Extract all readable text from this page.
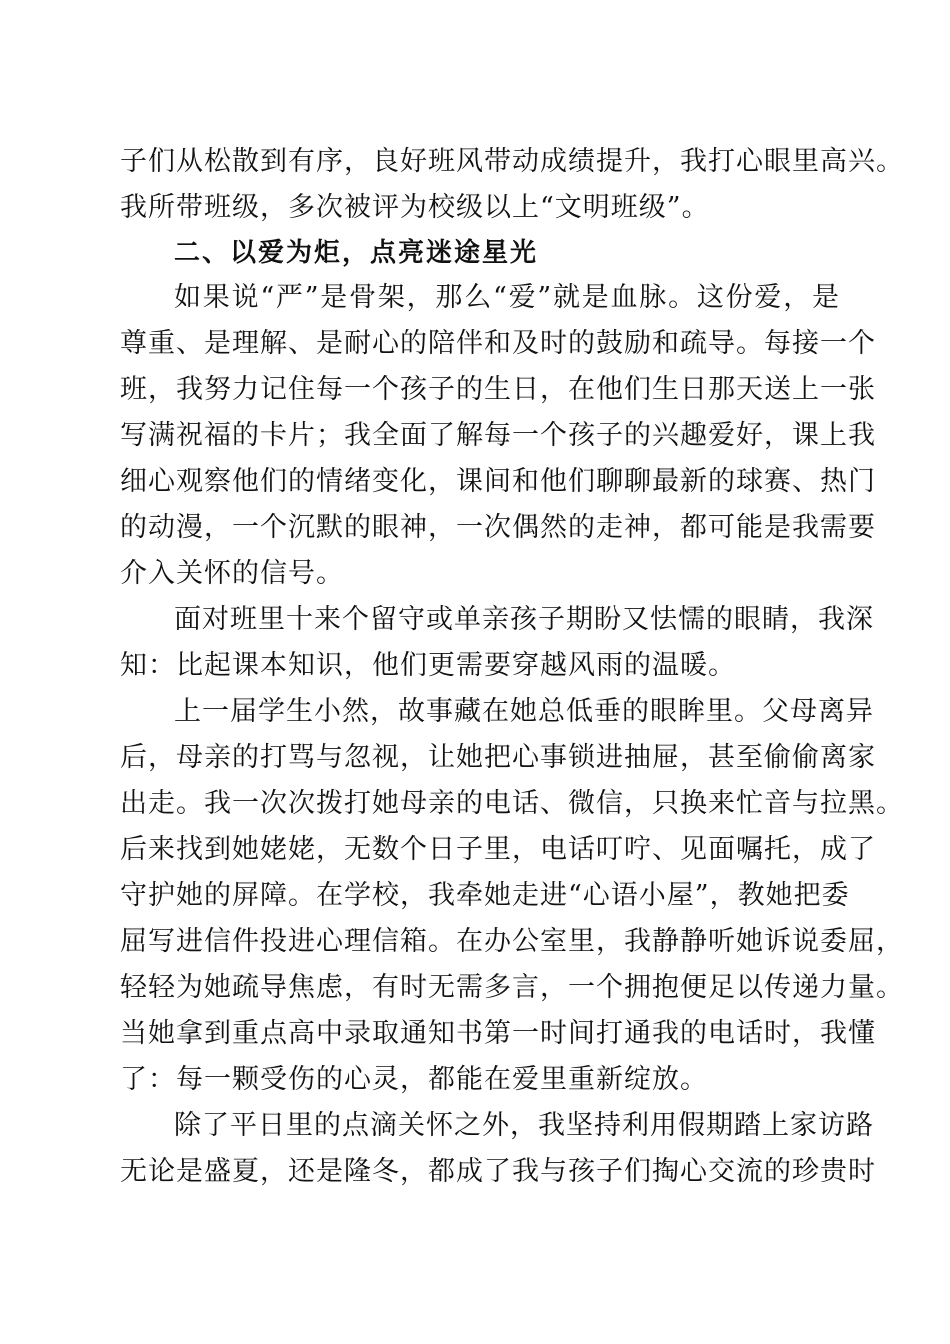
子们从松散到有序，良好班风带动成绩提升，我打心眼里高兴。
我所带班级，多次被评为校级以上“文明班级”。
二、以爱为炬，点亮迷途星光
如果说“严”是骨架，那么“爱”就是血脉。这份爱，是
尊重、是理解、是耐心的陪伴和及时的鼓励和疏导。每接一个
班，我努力记住每一个孩子的生日，在他们生日那天送上一张
写满祝福的卡片；我全面了解每一个孩子的兴趣爱好，课上我
细心观察他们的情绪变化，课间和他们聊聊最新的球赛、热门
的动漫，一个沉默的眼神，一次偶然的走神，都可能是我需要
介入关怀的信号。
面对班里十来个留守或单亲孩子期盼又怯懦的眼睛，我深
知：比起课本知识，他们更需要穿越风雨的温暖。
上一届学生小然，故事藏在她总低垂的眼眸里。父母离异
后，母亲的打骂与忽视，让她把心事锁进抽屉，甚至偷偷离家
出走。我一次次拨打她母亲的电话、微信，只换来忙音与拉黑。
后来找到她姥姥，无数个日子里，电话叮咛、见面嘱托，成了
守护她的屏障。在学校，我牵她走进“心语小屋”，教她把委
屈写进信件投进心理信箱。在办公室里，我静静听她诉说委屈，
轻轻为她疏导焦虑，有时无需多言，一个拥抱便足以传递力量。
当她拿到重点高中录取通知书第一时间打通我的电话时，我懂
了：每一颗受伤的心灵，都能在爱里重新绽放。
除了平日里的点滴关怀之外，我坚持利用假期踏上家访路
无论是盛夏，还是隆冬，都成了我与孩子们掏心交流的珍贵时
